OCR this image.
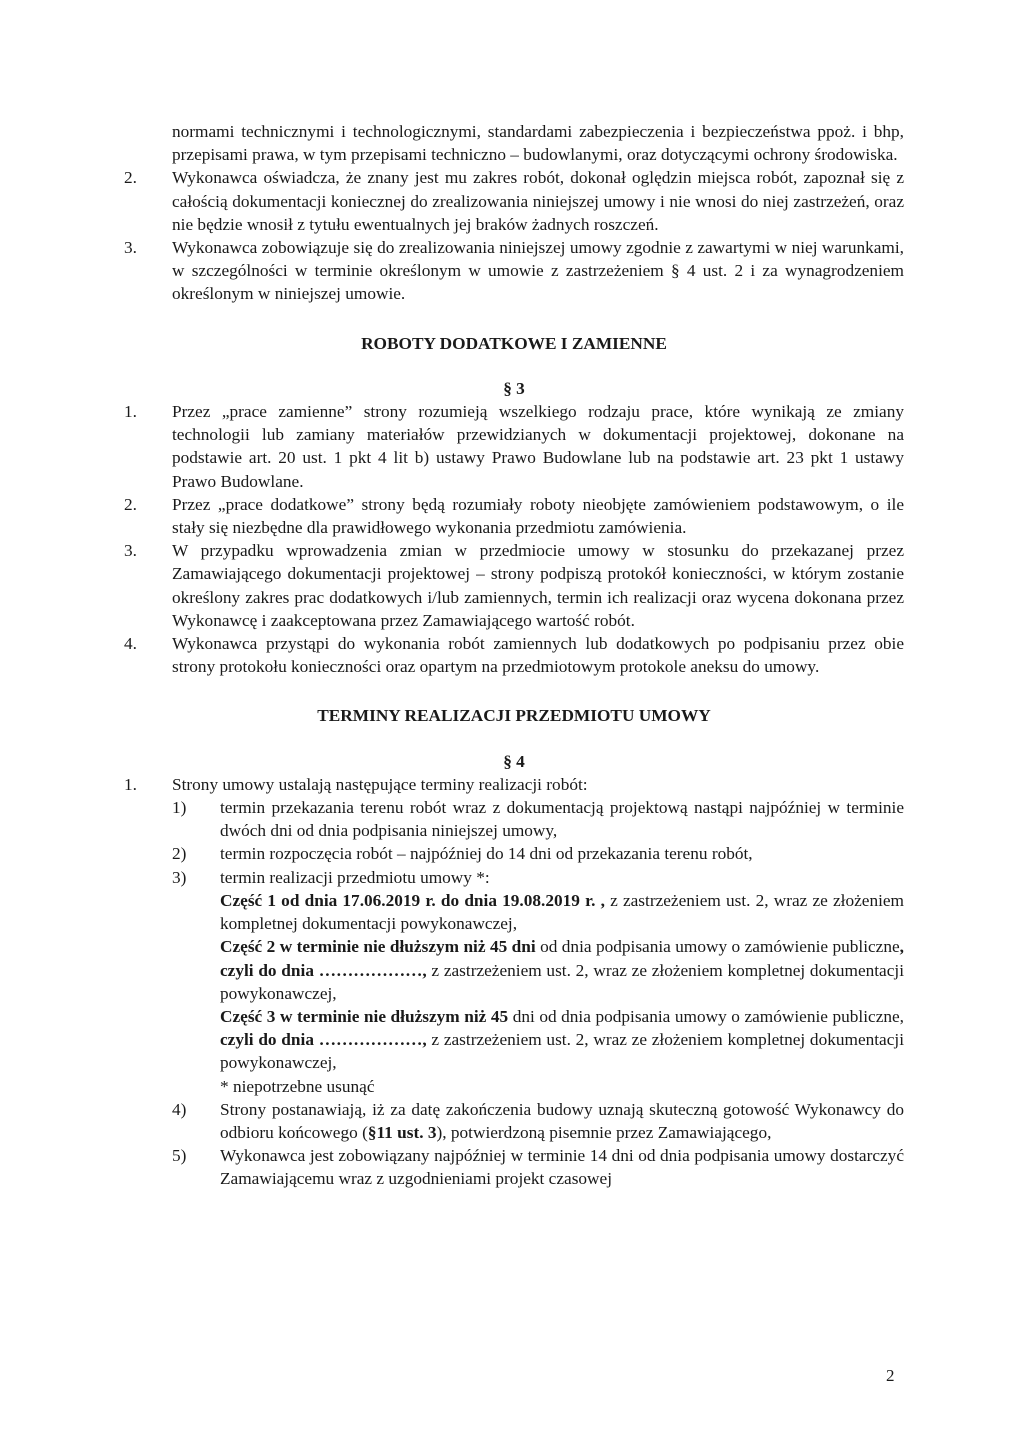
normami technicznymi i technologicznymi, standardami zabezpieczenia i bezpieczeństwa ppoż. i bhp, przepisami prawa, w tym przepisami techniczno – budowlanymi, oraz dotyczącymi ochrony środowiska.

2.	Wykonawca oświadcza, że znany jest mu zakres robót, dokonał oględzin miejsca robót, zapoznał się z całością dokumentacji koniecznej do zrealizowania niniejszej umowy i nie wnosi do niej zastrzeżeń, oraz nie będzie wnosił z tytułu ewentualnych jej braków żadnych roszczeń.
3.	Wykonawca zobowiązuje się do zrealizowania niniejszej umowy zgodnie z zawartymi w niej warunkami, w szczególności w terminie określonym w umowie z zastrzeżeniem § 4 ust. 2 i za wynagrodzeniem określonym w niniejszej umowie.

ROBOTY DODATKOWE I ZAMIENNE

§ 3

1.	Przez „prace zamienne” strony rozumieją wszelkiego rodzaju prace, które wynikają ze zmiany technologii lub zamiany materiałów przewidzianych w dokumentacji projektowej, dokonane na podstawie art. 20 ust. 1 pkt 4 lit b) ustawy Prawo Budowlane lub na podstawie art. 23 pkt 1 ustawy Prawo Budowlane.
2.	Przez „prace dodatkowe” strony będą rozumiały roboty nieobjęte zamówieniem podstawowym, o ile stały się niezbędne dla prawidłowego wykonania przedmiotu zamówienia.
3.	W przypadku wprowadzenia zmian w przedmiocie umowy w stosunku do przekazanej przez Zamawiającego dokumentacji projektowej – strony podpiszą protokół konieczności, w którym zostanie określony zakres prac dodatkowych i/lub zamiennych, termin ich realizacji oraz wycena dokonana przez Wykonawcę i zaakceptowana przez Zamawiającego wartość robót.
4.	Wykonawca przystąpi do wykonania robót zamiennych lub dodatkowych po podpisaniu przez obie strony protokołu konieczności oraz opartym na przedmiotowym protokole aneksu do umowy.

TERMINY REALIZACJI PRZEDMIOTU UMOWY

§ 4

1.	Strony umowy ustalają następujące terminy realizacji robót:
1)	termin przekazania terenu robót wraz z dokumentacją projektową nastąpi najpóźniej w terminie dwóch dni od dnia podpisania niniejszej umowy,
2)	termin rozpoczęcia robót – najpóźniej do 14 dni od przekazania terenu robót,
3)	termin realizacji przedmiotu umowy *:

Część 1 od dnia 17.06.2019 r. do dnia 19.08.2019 r. , z zastrzeżeniem ust. 2, wraz ze złożeniem kompletnej dokumentacji powykonawczej,

Część 2 w terminie nie dłuższym niż 45 dni od dnia podpisania umowy o zamówienie publiczne, czyli do dnia ………………, z zastrzeżeniem ust. 2, wraz ze złożeniem kompletnej dokumentacji powykonawczej,

Część 3 w terminie nie dłuższym niż 45 dni od dnia podpisania umowy o zamówienie publiczne, czyli do dnia ………………, z zastrzeżeniem ust. 2, wraz ze złożeniem kompletnej dokumentacji powykonawczej,

* niepotrzebne usunąć

4)	Strony postanawiają, iż za datę zakończenia budowy uznają skuteczną gotowość Wykonawcy do odbioru końcowego (§11 ust. 3), potwierdzoną pisemnie przez Zamawiającego,
5)	Wykonawca jest zobowiązany najpóźniej w terminie 14 dni od dnia podpisania umowy dostarczyć Zamawiającemu wraz z uzgodnieniami projekt czasowej
2
